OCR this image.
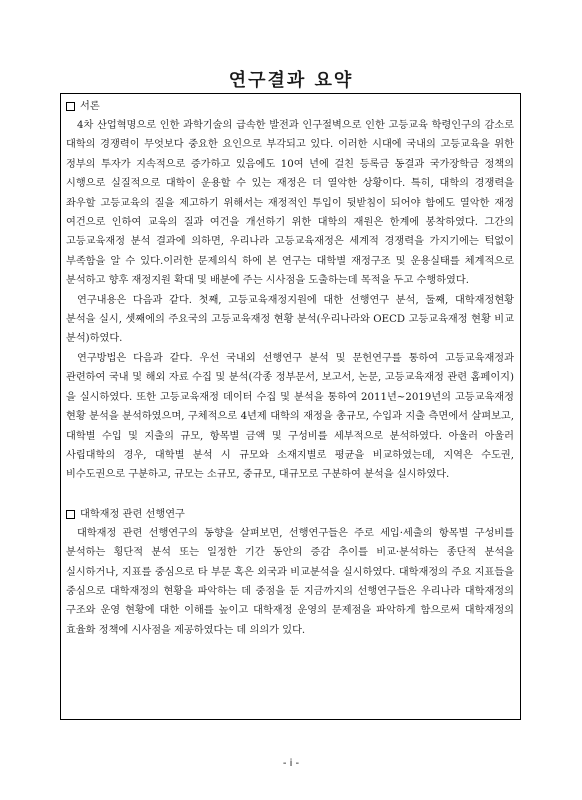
연구결과 요약
서론

4차 산업혁명으로 인한 과학기술의 급속한 발전과 인구절벽으로 인한 고등교육 학령인구의 감소로 대학의 경쟁력이 무엇보다 중요한 요인으로 부각되고 있다. 이러한 시대에 국내의 고등교육을 위한 정부의 투자가 지속적으로 증가하고 있음에도 10여 년에 걸친 등록금 동결과 국가장학금 정책의 시행으로 실질적으로 대학이 운용할 수 있는 재정은 더 열악한 상황이다. 특히, 대학의 경쟁력을 좌우할 고등교육의 질을 제고하기 위해서는 재정적인 투입이 뒷받침이 되어야 함에도 열악한 재정 여건으로 인하여 교육의 질과 여건을 개선하기 위한 대학의 재원은 한계에 봉착하였다. 그간의 고등교육재정 분석 결과에 의하면, 우리나라 고등교육재정은 세계적 경쟁력을 가지기에는 턱없이 부족함을 알 수 있다.이러한 문제의식 하에 본 연구는 대학별 재정구조 및 운용실태를 체계적으로 분석하고 향후 재정지원 확대 및 배분에 주는 시사점을 도출하는데 목적을 두고 수행하였다.

연구내용은 다음과 같다. 첫째, 고등교육재정지원에 대한 선행연구 분석, 둘째, 대학재정현황 분석을 실시, 셋째에의 주요국의 고등교육재정 현황 분석(우리나라와 OECD 고등교육재정 현황 비교 분석)하였다.

연구방법은 다음과 같다. 우선 국내외 선행연구 분석 및 문헌연구를 통하여 고등교육재정과 관련하여 국내 및 해외 자료 수집 및 분석(각종 정부문서, 보고서, 논문, 고등교육재정 관련 홈페이지)을 실시하였다. 또한 고등교육재정 데이터 수집 및 분석을 통하여 2011년~2019년의 고등교육재정 현황 분석을 분석하였으며, 구체적으로 4년제 대학의 재정을 총규모, 수입과 지출 측면에서 살펴보고, 대학별 수입 및 지출의 규모, 항목별 금액 및 구성비를 세부적으로 분석하였다. 아울러 아울러 사립대학의 경우, 대학별 분석 시 규모와 소재지별로 평균을 비교하였는데, 지역은 수도권, 비수도권으로 구분하고, 규모는 소규모, 중규모, 대규모로 구분하여 분석을 실시하였다.

대학재정 관련 선행연구

대학재정 관련 선행연구의 동향을 살펴보면, 선행연구들은 주로 세입·세출의 항목별 구성비를 분석하는 횡단적 분석 또는 일정한 기간 동안의 증감 추이를 비교·분석하는 종단적 분석을 실시하거나, 지표를 중심으로 타 부문 혹은 외국과 비교분석을 실시하였다. 대학재정의 주요 지표들을 중심으로 대학재정의 현황을 파악하는 데 중점을 둔 지금까지의 선행연구들은 우리나라 대학재정의 구조와 운영 현황에 대한 이해를 높이고 대학재정 운영의 문제점을 파악하게 함으로써 대학재정의 효율화 정책에 시사점을 제공하였다는 데 의의가 있다.

- i -
